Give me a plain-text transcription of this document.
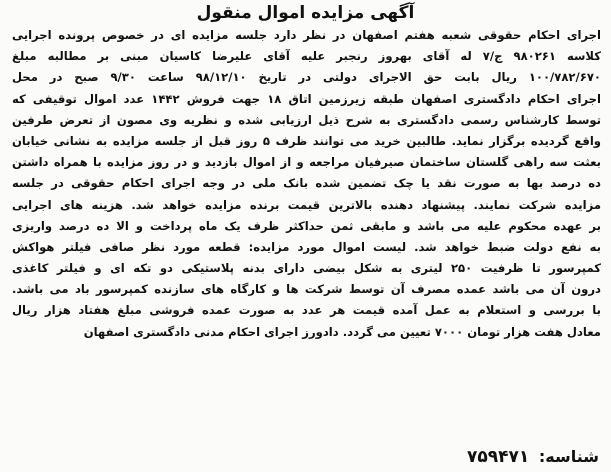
آگهی مزایده اموال منقول
اجرای احکام حقوقی شعبه هفتم اصفهان در نظر دارد جلسه مزایده ای در خصوص پرونده اجرایی
کلاسه ۹۸۰۲۶۱ ج/۷ له آقای بهروز رنجبر علیه آقای علیرضا کاسیان مبنی بر مطالبه مبلغ
۱۰۰/۷۸۲/۶۷۰ ریال بابت حق الاجرای دولتی در تاریخ ۹۸/۱۲/۱۰ ساعت ۹/۳۰ صبح در محل
اجرای احکام دادگستری اصفهان طبقه زیرزمین اتاق ۱۸ جهت فروش ۱۴۴۲ عدد اموال توقیفی که
توسط کارشناس رسمی دادگستری به شرح ذیل ارزیابی شده و نظریه وی مصون از تعرض طرفین
واقع گردیده برگزار نماید. طالبین خرید می توانند ظرف ۵ روز قبل از جلسه مزایده به نشانی خیابان
بعثت سه راهی گلستان ساختمان صیرفیان مراجعه و از اموال بازدید و در روز مزایده با همراه داشتن
ده درصد بها به صورت نقد یا چک تضمین شده بانک ملی در وجه اجرای احکام حقوقی در جلسه
مزایده شرکت نمایند. پیشنهاد دهنده بالاترین قیمت برنده مزایده خواهد شد. هزینه های اجرایی
بر عهده محکوم علیه می باشد و مابقی ثمن حداکثر ظرف یک ماه پرداخت و الا ده درصد واریزی
به نفع دولت ضبط خواهد شد. لیست اموال مورد مزایده: قطعه مورد نظر صافی فیلتر هواکش
کمپرسور تا ظرفیت ۲۵۰ لیتری به شکل بیضی دارای بدنه پلاستیکی دو تکه ای و فیلتر کاغذی
درون آن می باشد عمده مصرف آن توسط شرکت ها و کارگاه های سازنده کمپرسور باد می باشد.
با بررسی و استعلام به عمل آمده قیمت هر عدد به صورت عمده فروشی مبلغ هفتاد هزار ریال
معادل هفت هزار تومان ۷۰۰۰ تعیین می گردد. دادورز اجرای احکام مدنی دادگستری اصفهان
شناسه: ۷۵۹۴۷۱
